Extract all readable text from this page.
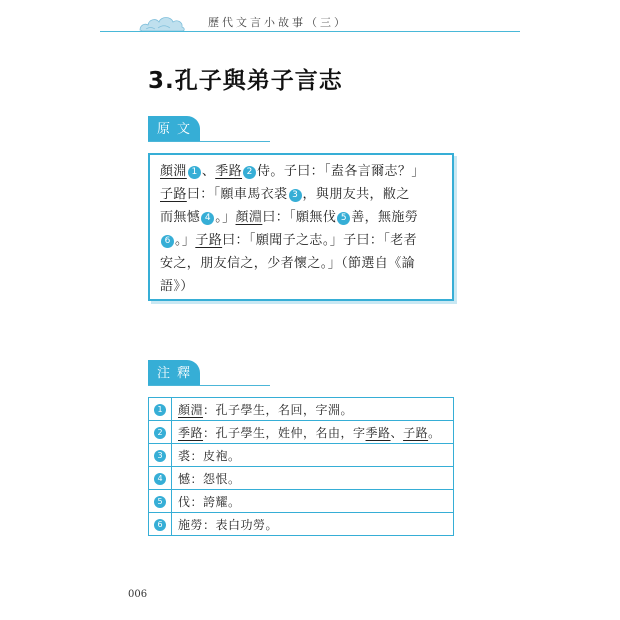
歷代文言小故事（三）
3.孔子與弟子言志
原文
顏淵 1 、季路 2 侍。子曰：「盍各言爾志？」
子路曰：「願車馬衣裘 3 ，與朋友共，敝之
而無憾 4 。」顏淵曰：「願無伐 5 善，無施勞
6 。」子路曰：「願聞子之志。」子曰：「老者
安之，朋友信之，少者懷之。」（節選自《論
語》）
注釋
1	顏淵：孔子學生，名回，字淵。
2	季路：孔子學生，姓仲，名由，字季路、子路。
3	裘：皮袍。
4	憾：怨恨。
5	伐：誇耀。
6	施勞：表白功勞。
006
